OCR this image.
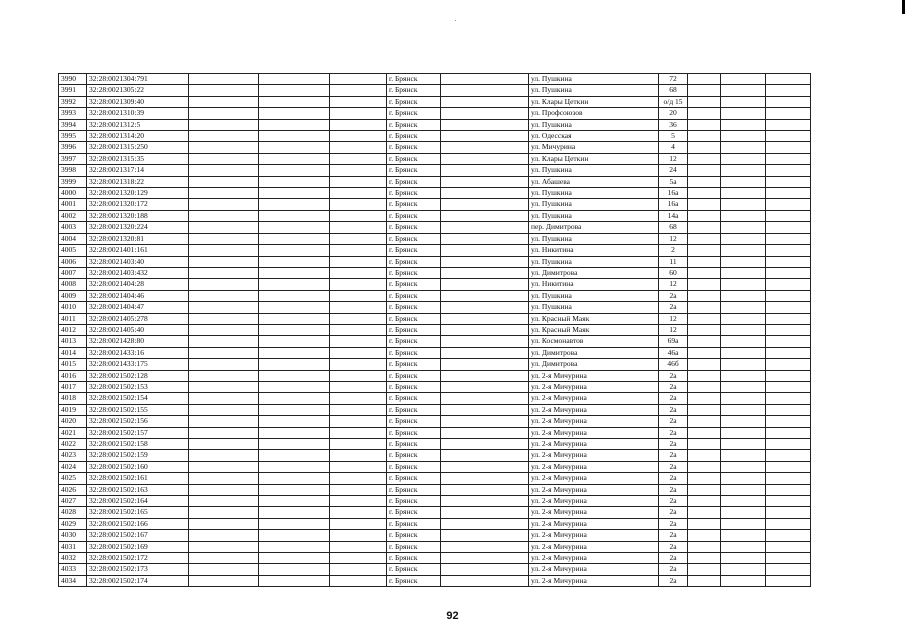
3990	32:28:0021304:791				г. Брянск		ул. Пушкина	72			
3991	32:28:0021305:22				г. Брянск		ул. Пушкина	68			
3992	32:28:0021309:40				г. Брянск		ул. Клары Цеткин	о/д 15			
3993	32:28:0021310:39				г. Брянск		ул. Профсоюзов	20			
3994	32:28:0021312:5				г. Брянск		ул. Пушкина	36			
3995	32:28:0021314:20				г. Брянск		ул. Одесская	5			
3996	32:28:0021315:250				г. Брянск		ул. Мичурина	4			
3997	32:28:0021315:35				г. Брянск		ул. Клары Цеткин	12			
3998	32:28:0021317:14				г. Брянск		ул. Пушкина	24			
3999	32:28:0021318:22				г. Брянск		ул. Абашева	5а			
4000	32:28:0021320:129				г. Брянск		ул. Пушкина	16а			
4001	32:28:0021320:172				г. Брянск		ул. Пушкина	16а			
4002	32:28:0021320:188				г. Брянск		ул. Пушкина	14а			
4003	32:28:0021320:224				г. Брянск		пер. Димитрова	68			
4004	32:28:0021320:81				г. Брянск		ул. Пушкина	12			
4005	32:28:0021401:161				г. Брянск		ул. Никитина	2			
4006	32:28:0021403:40				г. Брянск		ул. Пушкина	11			
4007	32:28:0021403:432				г. Брянск		ул. Димитрова	60			
4008	32:28:0021404:28				г. Брянск		ул. Никитина	12			
4009	32:28:0021404:46				г. Брянск		ул. Пушкина	2а			
4010	32:28:0021404:47				г. Брянск		ул. Пушкина	2а			
4011	32:28:0021405:278				г. Брянск		ул. Красный Маяк	12			
4012	32:28:0021405:40				г. Брянск		ул. Красный Маяк	12			
4013	32:28:0021428:80				г. Брянск		ул. Космонавтов	69а			
4014	32:28:0021433:16				г. Брянск		ул. Димитрова	46а			
4015	32:28:0021433:175				г. Брянск		ул. Димитрова	46б			
4016	32:28:0021502:128				г. Брянск		ул. 2-я Мичурина	2а			
4017	32:28:0021502:153				г. Брянск		ул. 2-я Мичурина	2а			
4018	32:28:0021502:154				г. Брянск		ул. 2-я Мичурина	2а			
4019	32:28:0021502:155				г. Брянск		ул. 2-я Мичурина	2а			
4020	32:28:0021502:156				г. Брянск		ул. 2-я Мичурина	2а			
4021	32:28:0021502:157				г. Брянск		ул. 2-я Мичурина	2а			
4022	32:28:0021502:158				г. Брянск		ул. 2-я Мичурина	2а			
4023	32:28:0021502:159				г. Брянск		ул. 2-я Мичурина	2а			
4024	32:28:0021502:160				г. Брянск		ул. 2-я Мичурина	2а			
4025	32:28:0021502:161				г. Брянск		ул. 2-я Мичурина	2а			
4026	32:28:0021502:163				г. Брянск		ул. 2-я Мичурина	2а			
4027	32:28:0021502:164				г. Брянск		ул. 2-я Мичурина	2а			
4028	32:28:0021502:165				г. Брянск		ул. 2-я Мичурина	2а			
4029	32:28:0021502:166				г. Брянск		ул. 2-я Мичурина	2а			
4030	32:28:0021502:167				г. Брянск		ул. 2-я Мичурина	2а			
4031	32:28:0021502:169				г. Брянск		ул. 2-я Мичурина	2а			
4032	32:28:0021502:172				г. Брянск		ул. 2-я Мичурина	2а			
4033	32:28:0021502:173				г. Брянск		ул. 2-я Мичурина	2а			
4034	32:28:0021502:174				г. Брянск		ул. 2-я Мичурина	2а			
92
